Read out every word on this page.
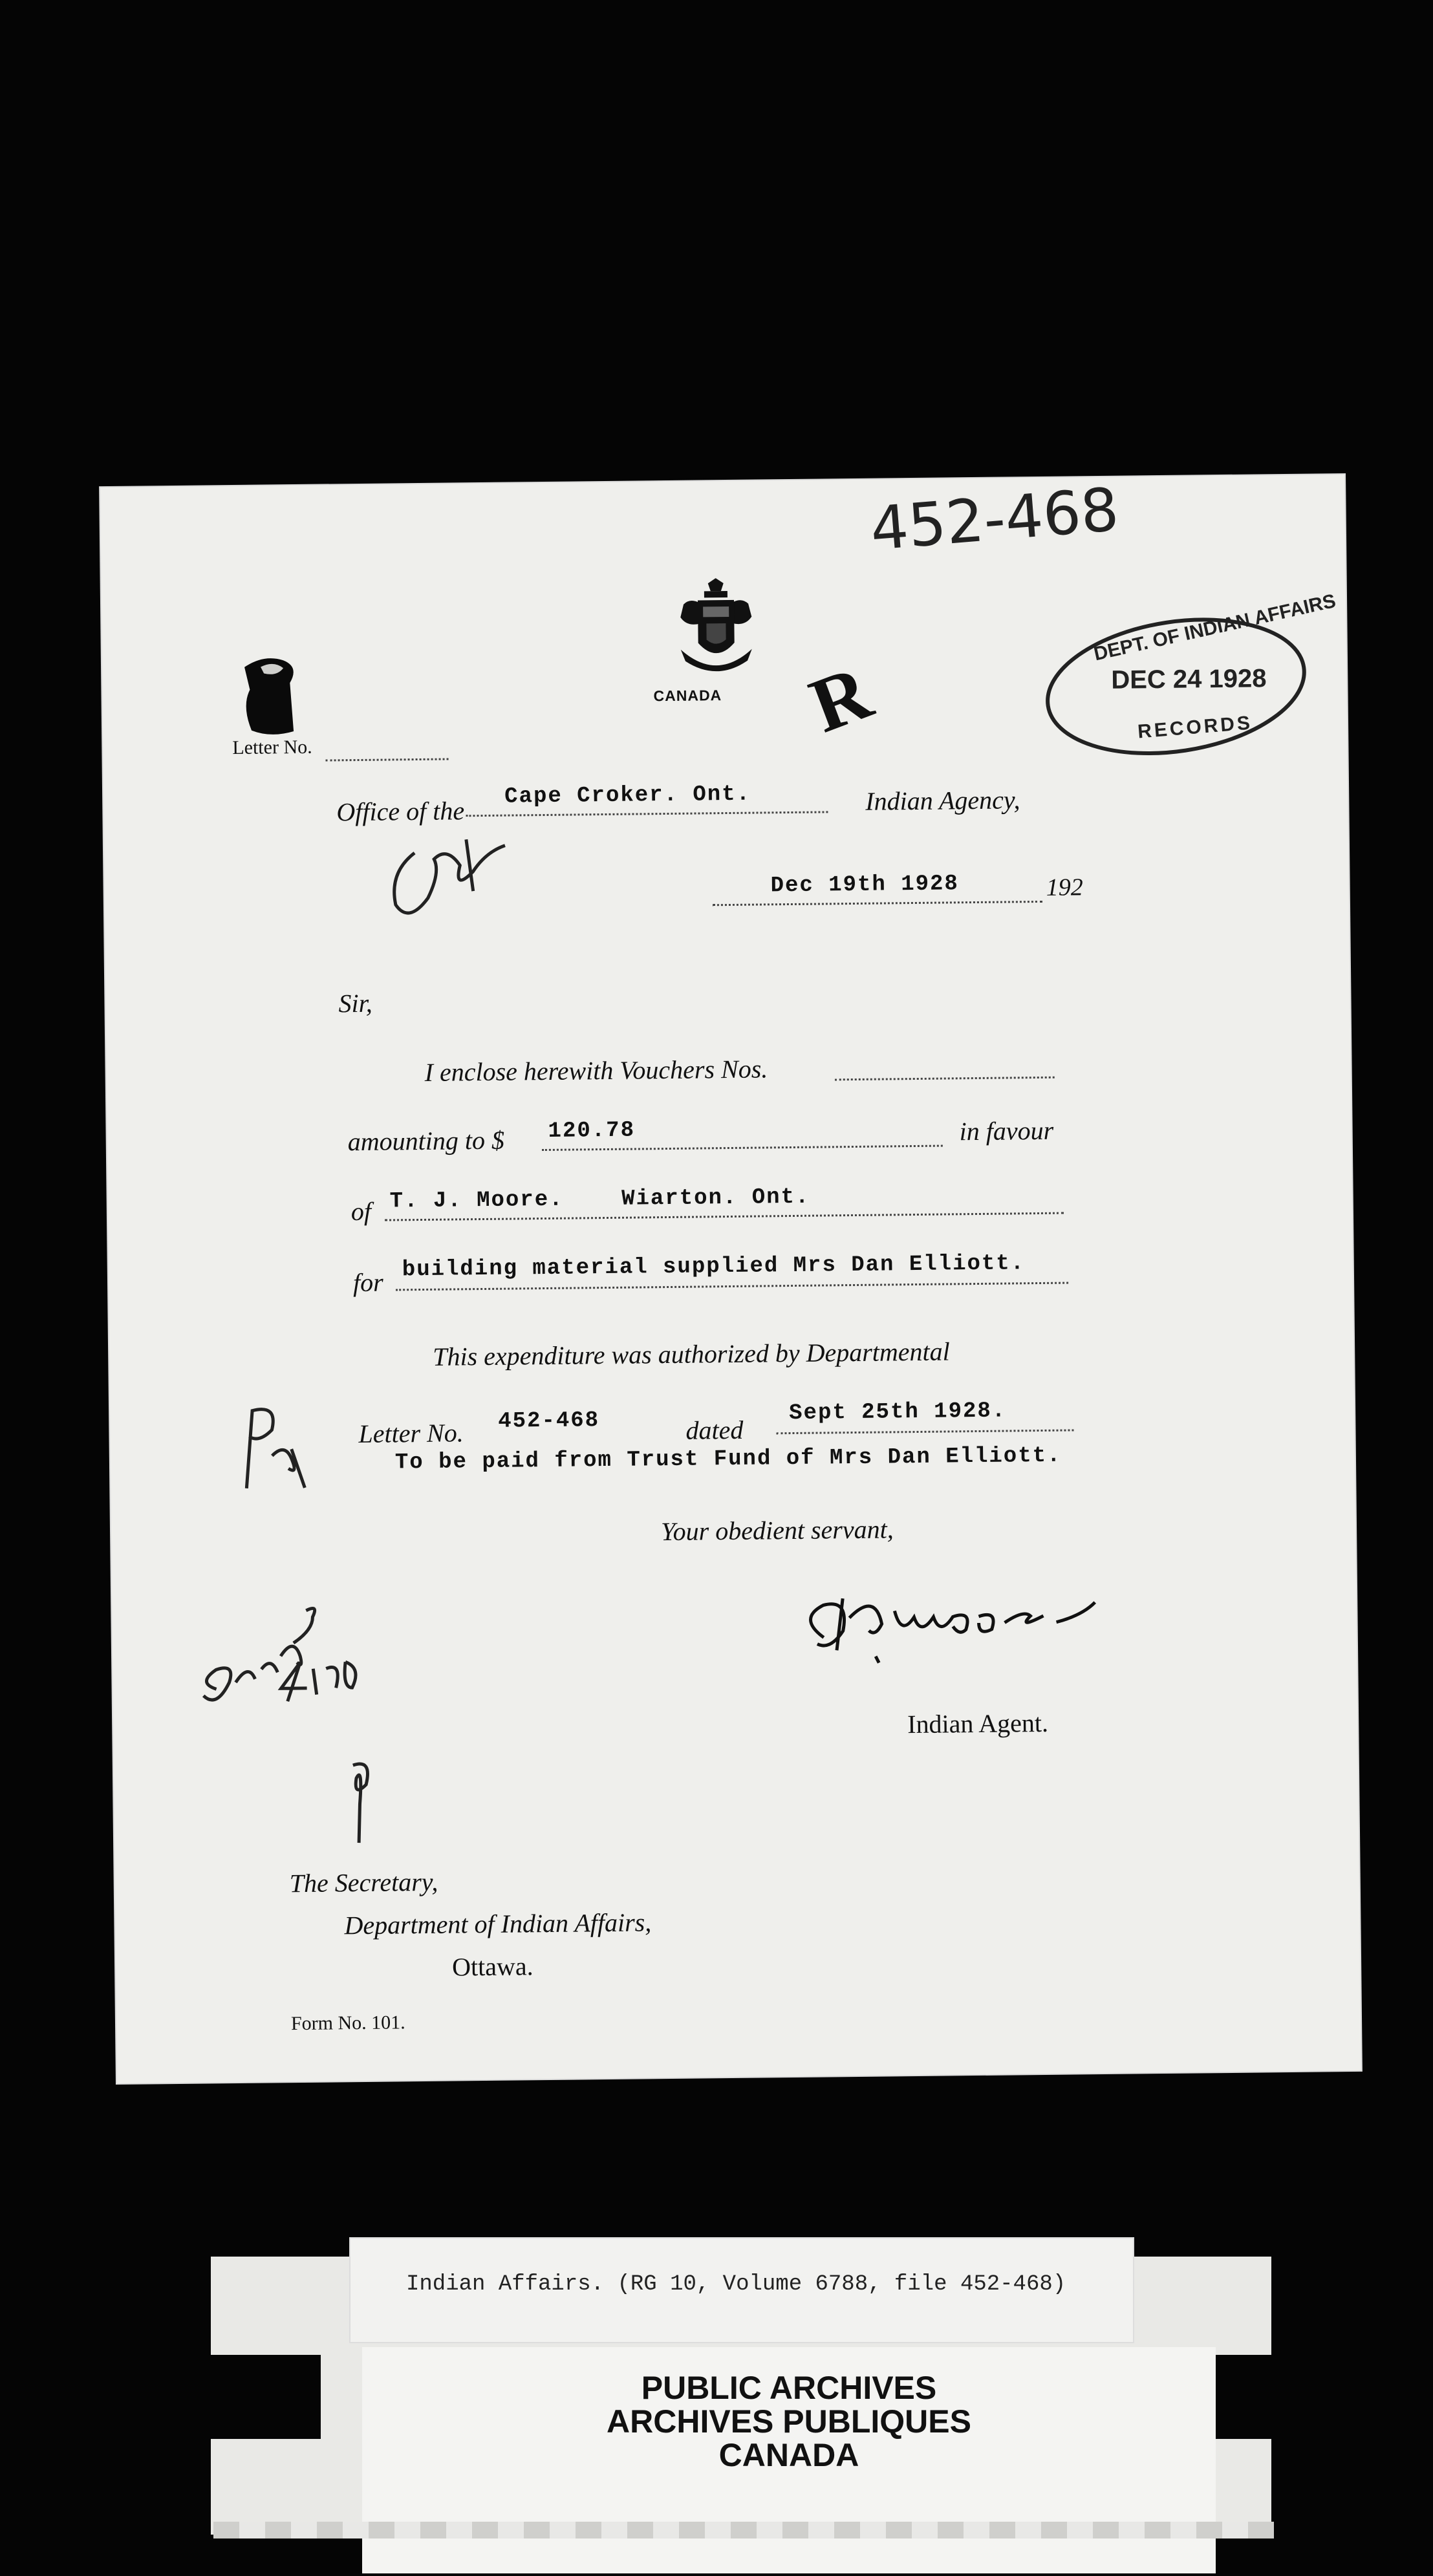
CANADA
452-468
DEPT. OF INDIAN AFFAIRS
DEC 24 1928
RECORDS
R
Letter No.
Office of the
Cape Croker. Ont.	Indian Agency,
Dec 19th 1928	192
Sir,
I enclose herewith Vouchers Nos.
amounting to $ 120.78	in favour
of T. J. Moore.    Wiarton. Ont.
for
building material supplied Mrs Dan Elliott.
This expenditure was authorized by Departmental
Letter No. 452-468	dated
Sept 25th 1928.
To be paid from Trust Fund of Mrs Dan Elliott.
Your obedient servant,
Indian Agent.
The Secretary,
Department of Indian Affairs,
Ottawa.
Form No. 101.
Indian Affairs. (RG 10, Volume 6788, file 452-468)
PUBLIC ARCHIVES
ARCHIVES PUBLIQUES
CANADA
